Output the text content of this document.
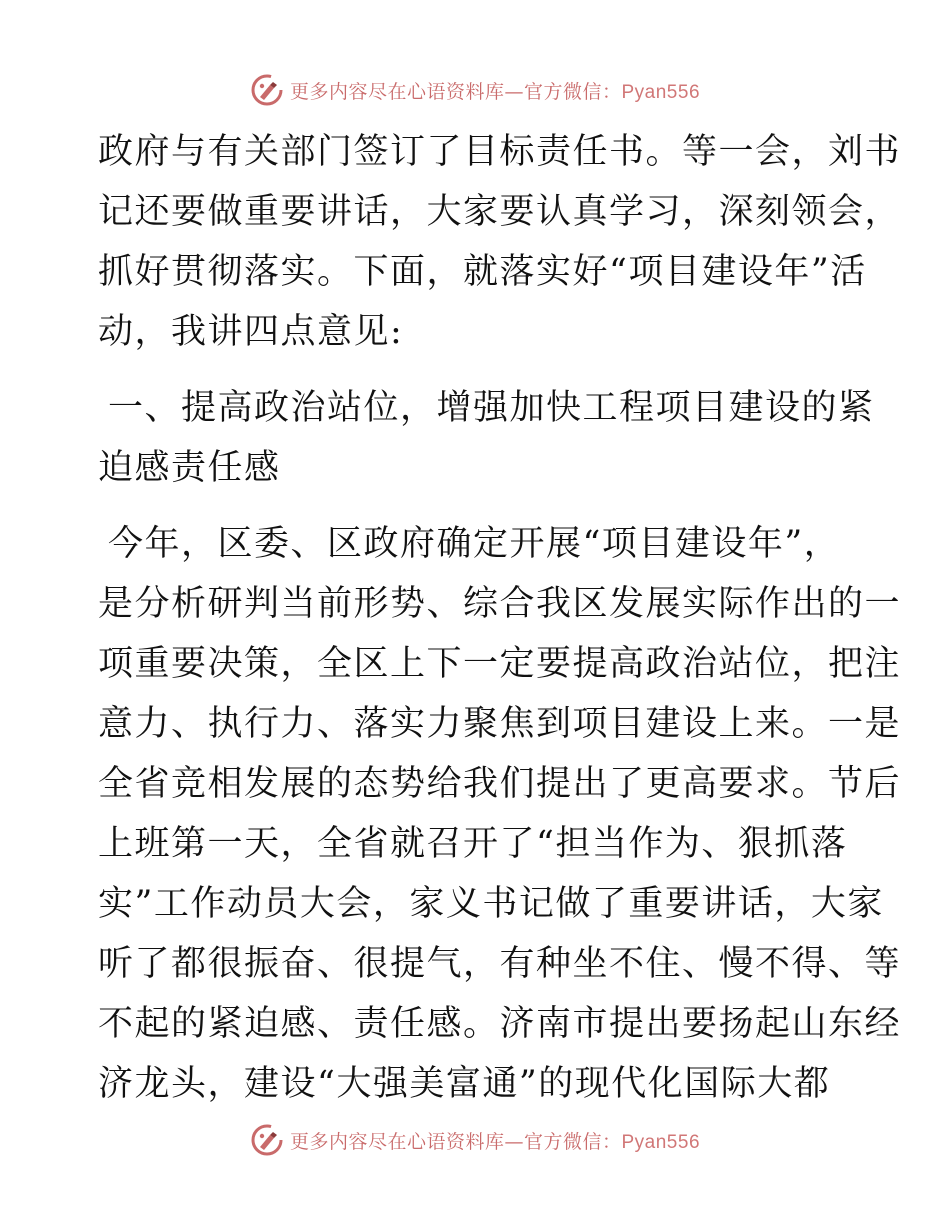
更多内容尽在心语资料库—官方微信：Pyan556

政府与有关部门签订了目标责任书。等一会，刘书
记还要做重要讲话，大家要认真学习，深刻领会，
抓好贯彻落实。下面，就落实好“项目建设年”活
动，我讲四点意见:

一、提高政治站位，增强加快工程项目建设的紧
迫感责任感

今年，区委、区政府确定开展“项目建设年”，
是分析研判当前形势、综合我区发展实际作出的一
项重要决策，全区上下一定要提高政治站位，把注
意力、执行力、落实力聚焦到项目建设上来。一是
全省竞相发展的态势给我们提出了更高要求。节后
上班第一天，全省就召开了“担当作为、狠抓落
实”工作动员大会，家义书记做了重要讲话，大家
听了都很振奋、很提气，有种坐不住、慢不得、等
不起的紧迫感、责任感。济南市提出要扬起山东经
济龙头，建设“大强美富通”的现代化国际大都

更多内容尽在心语资料库—官方微信：Pyan556
